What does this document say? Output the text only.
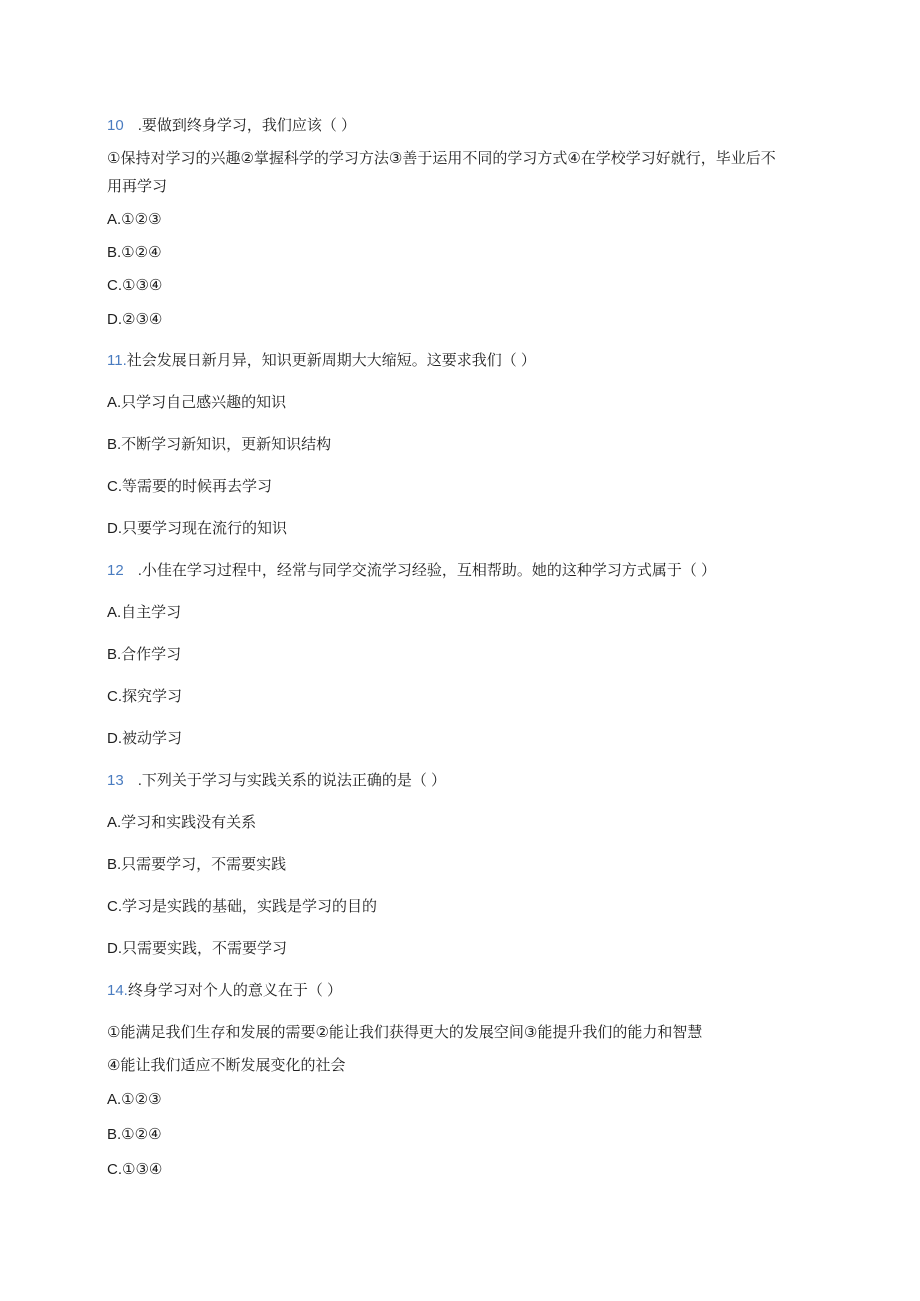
10 .要做到终身学习，我们应该（ ）
①保持对学习的兴趣②掌握科学的学习方法③善于运用不同的学习方式④在学校学习好就行，毕业后不
用再学习
A.①②③
B.①②④
C.①③④
D.②③④
11.社会发展日新月异，知识更新周期大大缩短。这要求我们（ ）
A.只学习自己感兴趣的知识
B.不断学习新知识，更新知识结构
C.等需要的时候再去学习
D.只要学习现在流行的知识
12 .小佳在学习过程中，经常与同学交流学习经验，互相帮助。她的这种学习方式属于（ ）
A.自主学习
B.合作学习
C.探究学习
D.被动学习
13 .下列关于学习与实践关系的说法正确的是（ ）
A.学习和实践没有关系
B.只需要学习，不需要实践
C.学习是实践的基础，实践是学习的目的
D.只需要实践，不需要学习
14.终身学习对个人的意义在于（ ）
①能满足我们生存和发展的需要②能让我们获得更大的发展空间③能提升我们的能力和智慧
④能让我们适应不断发展变化的社会
A.①②③
B.①②④
C.①③④
